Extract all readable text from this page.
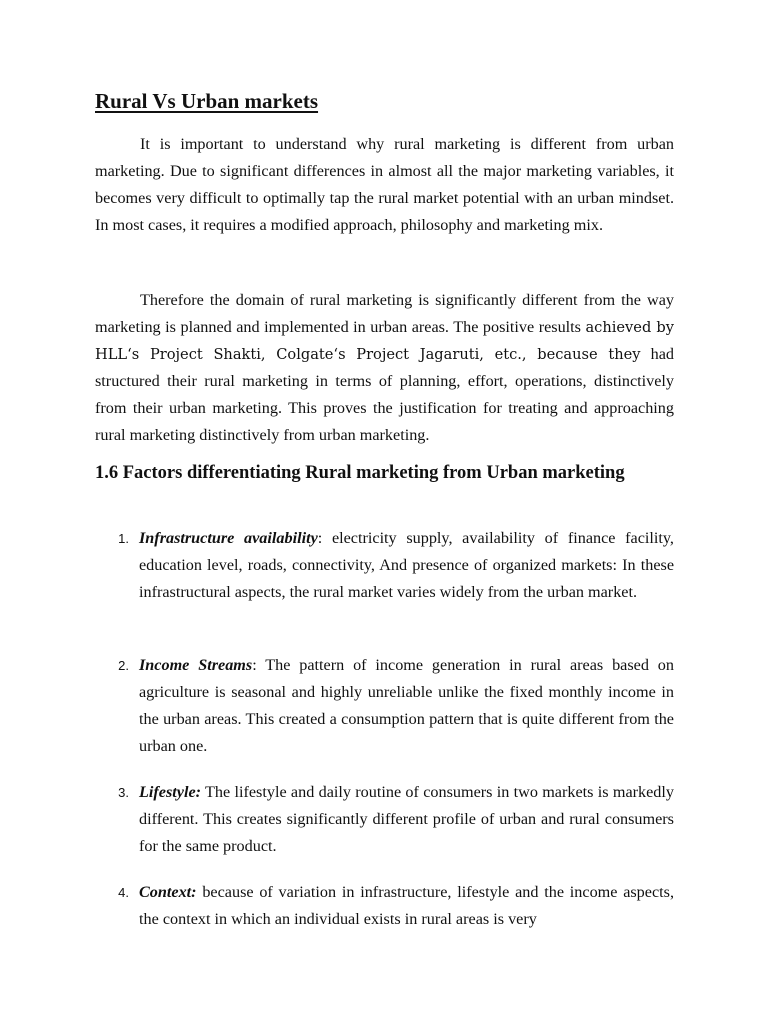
Rural Vs Urban markets

It is important to understand why rural marketing is different from urban marketing. Due to significant differences in almost all the major marketing variables, it becomes very difficult to optimally tap the rural market potential with an urban mindset. In most cases, it requires a modified approach, philosophy and marketing mix.

Therefore the domain of rural marketing is significantly different from the way marketing is planned and implemented in urban areas. The positive results achieved by HLL‘s Project Shakti, Colgate‘s Project Jagaruti, etc., because they had structured their rural marketing in terms of planning, effort, operations, distinctively from their urban marketing. This proves the justification for treating and approaching rural marketing distinctively from urban marketing.

1.6 Factors differentiating Rural marketing from Urban marketing
1. Infrastructure availability: electricity supply, availability of finance facility, education level, roads, connectivity, And presence of organized markets: In these infrastructural aspects, the rural market varies widely from the urban market.

2. Income Streams: The pattern of income generation in rural areas based on agriculture is seasonal and highly unreliable unlike the fixed monthly income in the urban areas. This created a consumption pattern that is quite different from the urban one.

3. Lifestyle: The lifestyle and daily routine of consumers in two markets is markedly different. This creates significantly different profile of urban and rural consumers for the same product.

4. Context: because of variation in infrastructure, lifestyle and the income aspects, the context in which an individual exists in rural areas is very
